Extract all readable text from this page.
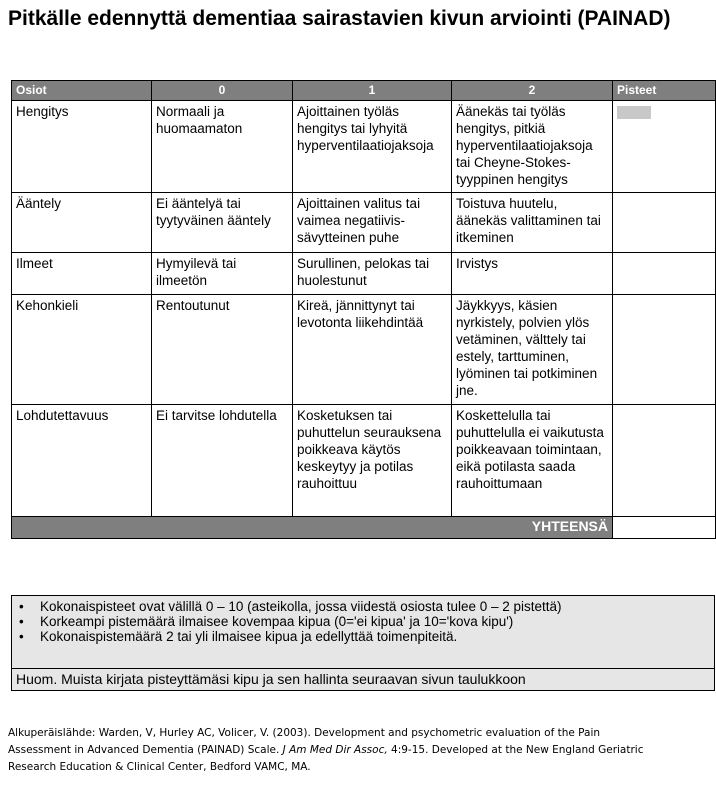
Pitkälle edennyttä dementiaa sairastavien kivun arviointi (PAINAD)
Osiot	0	1	2	Pisteet
Hengitys	Normaali ja huomaamaton	Ajoittainen työläs hengitys tai lyhyitä hyperventilaatiojaksoja	Äänekäs tai työläs hengitys, pitkiä hyperventilaatiojaksoja tai Cheyne-Stokes-tyyppinen hengitys	
Ääntely	Ei ääntelyä tai tyytyväinen ääntely	Ajoittainen valitus tai vaimea negatiivis-sävytteinen puhe	Toistuva huutelu, äänekäs valittaminen tai itkeminen	
Ilmeet	Hymyilevä tai ilmeetön	Surullinen, pelokas tai huolestunut	Irvistys	
Kehonkieli	Rentoutunut	Kireä, jännittynyt tai levotonta liikehdintää	Jäykkyys, käsien nyrkistely, polvien ylös vetäminen, välttely tai estely, tarttuminen, lyöminen tai potkiminen jne.	
Lohdutettavuus	Ei tarvitse lohdutella	Kosketuksen tai puhuttelun seurauksena poikkeava käytös keskeytyy ja potilas rauhoittuu	Koskettelulla tai puhuttelulla ei vaikutusta poikkeavaan toimintaan, eikä potilasta saada rauhoittumaan	
YHTEENSÄ				
• Kokonaispisteet ovat välillä 0 – 10 (asteikolla, jossa viidestä osiosta tulee 0 – 2 pistettä)
• Korkeampi pistemäärä ilmaisee kovempaa kipua (0='ei kipua' ja 10='kova kipu')
• Kokonaispistemäärä 2 tai yli ilmaisee kipua ja edellyttää toimenpiteitä.
Huom. Muista kirjata pisteyttämäsi kipu ja sen hallinta seuraavan sivun taulukkoon
Alkuperäislähde: Warden, V, Hurley AC, Volicer, V. (2003). Development and psychometric evaluation of the Pain Assessment in Advanced Dementia (PAINAD) Scale. J Am Med Dir Assoc, 4:9-15. Developed at the New England Geriatric Research Education & Clinical Center, Bedford VAMC, MA.
